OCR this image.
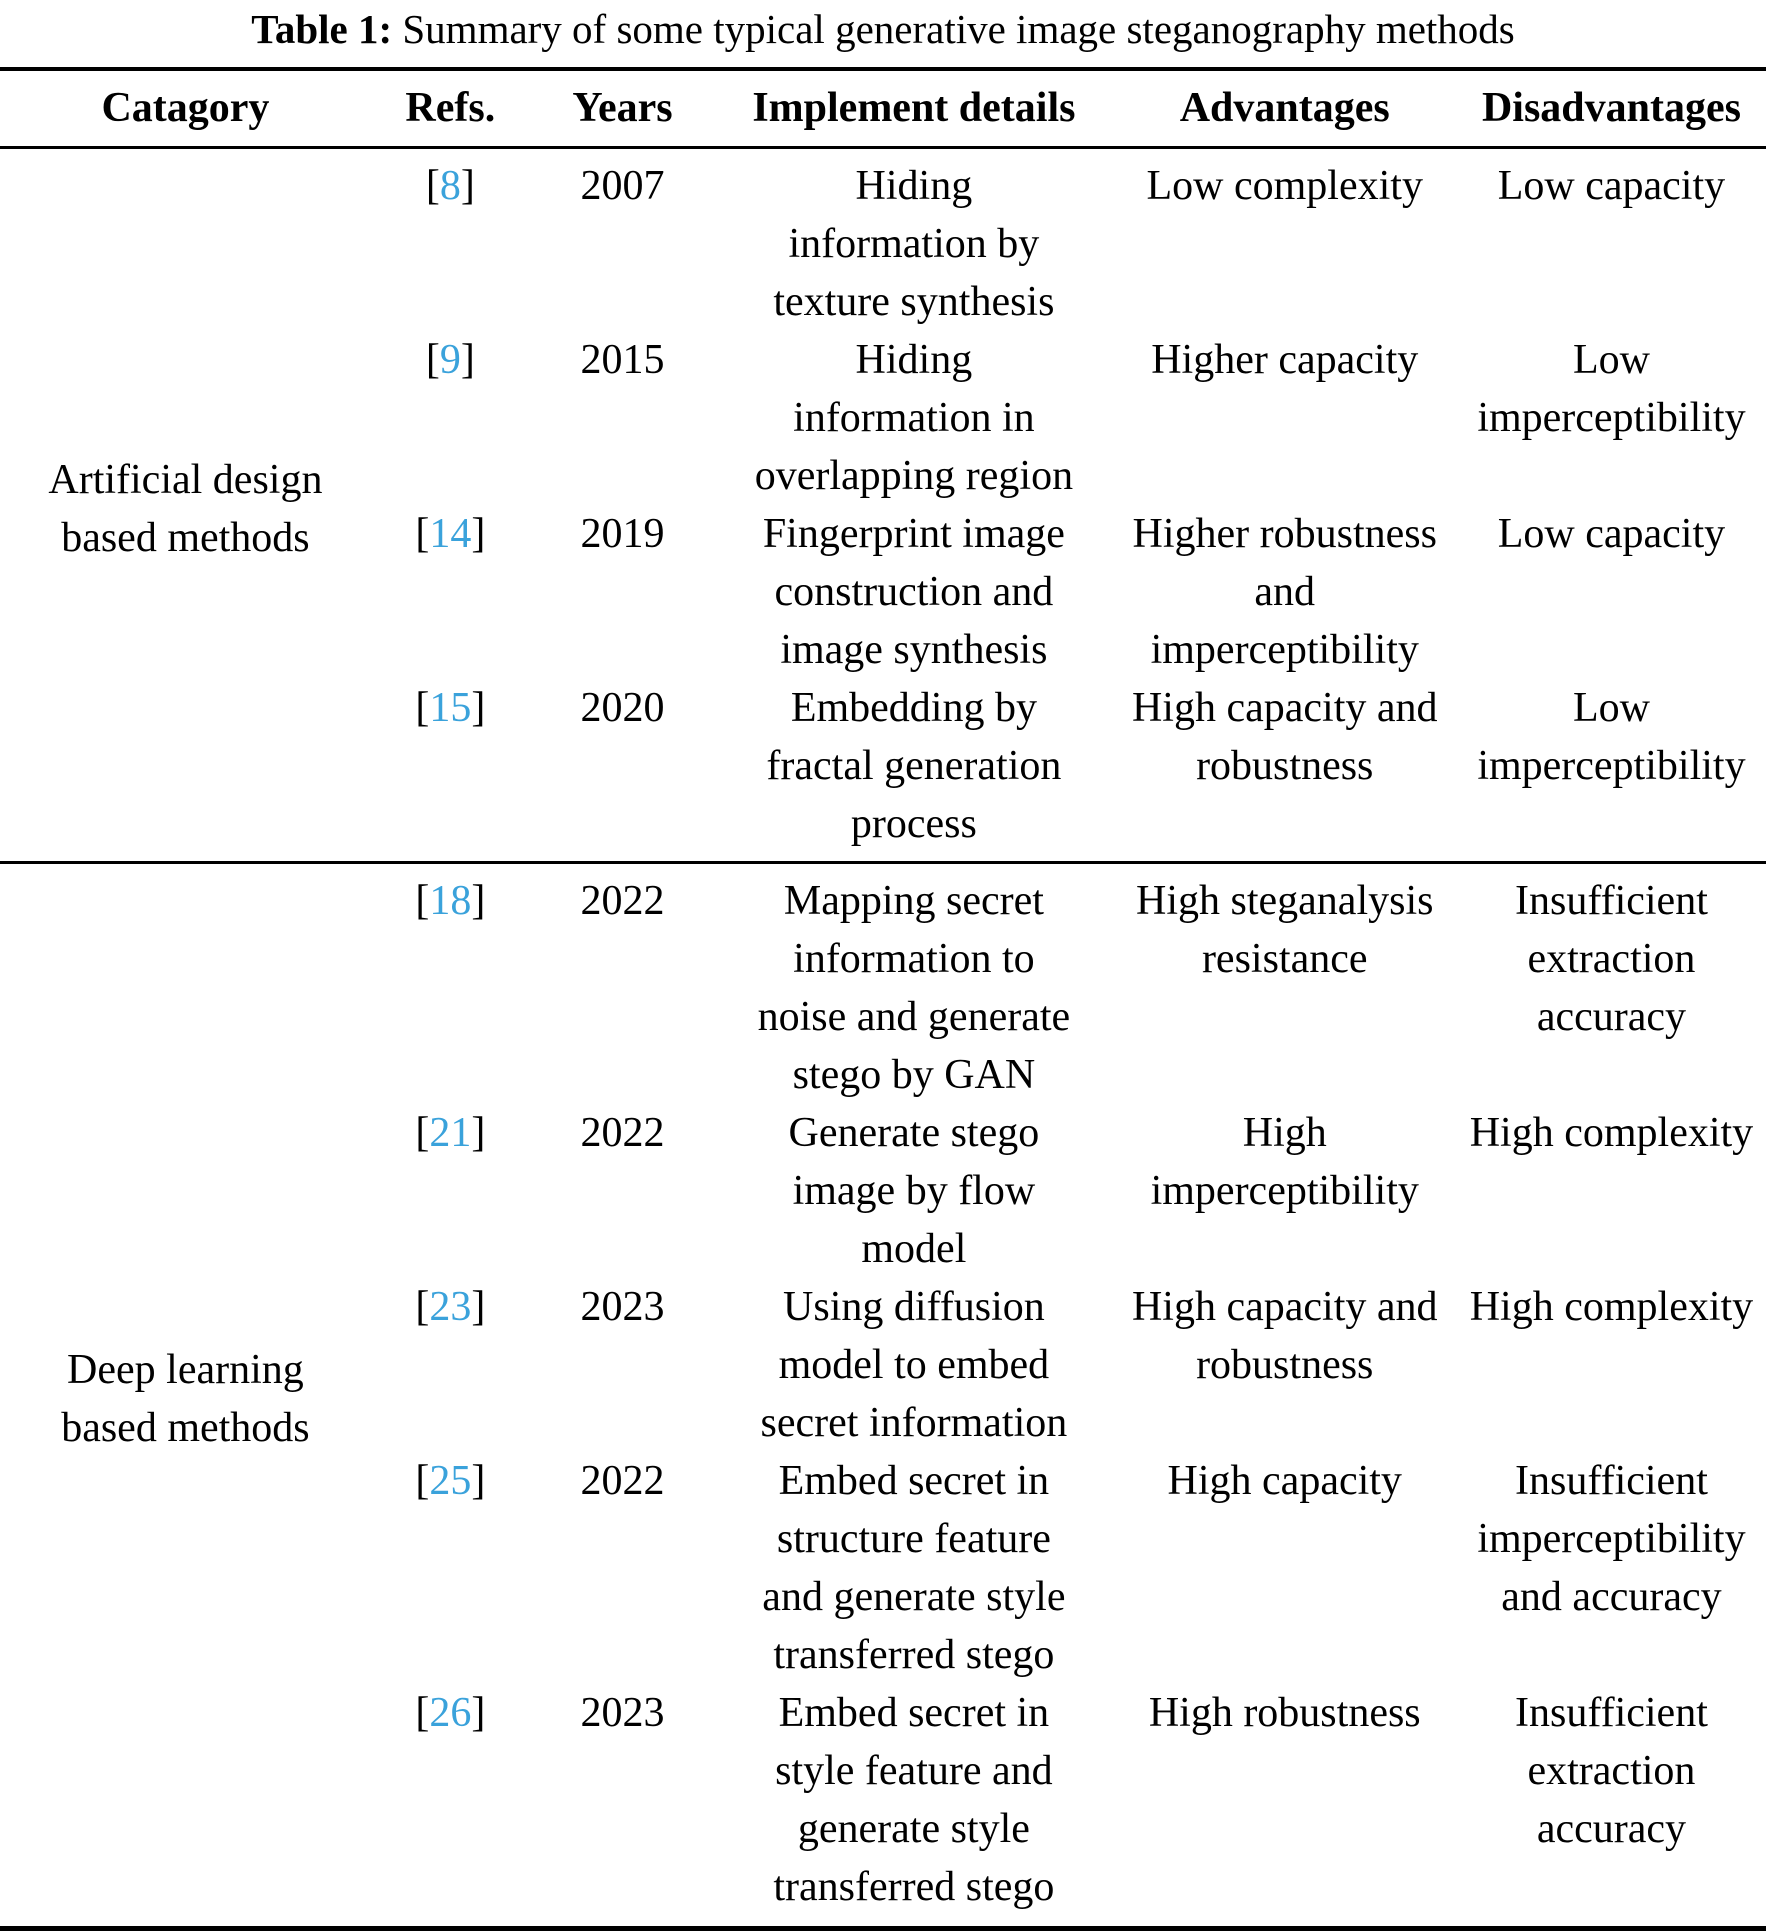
Table 1: Summary of some typical generative image steganography methods
Catagory	Refs.	Years	Implement details	Advantages	Disadvantages

Artificial design based methods	[8]	2007	Hiding information by texture synthesis	Low complexity	Low capacity

	[9]	2015	Hiding information in overlapping region	Higher capacity	Low imperceptibility

	[14]	2019	Fingerprint image construction and image synthesis	Higher robustness and imperceptibility	Low capacity

	[15]	2020	Embedding by fractal generation process	High capacity and robustness	Low imperceptibility

Deep learning based methods	[18]	2022	Mapping secret information to noise and generate stego by GAN	High steganalysis resistance	Insufficient extraction accuracy

	[21]	2022	Generate stego image by flow model	High imperceptibility	High complexity

	[23]	2023	Using diffusion model to embed secret information	High capacity and robustness	High complexity

	[25]	2022	Embed secret in structure feature and generate style transferred stego	High capacity	Insufficient imperceptibility and accuracy

	[26]	2023	Embed secret in style feature and generate style transferred stego	High robustness	Insufficient extraction accuracy
